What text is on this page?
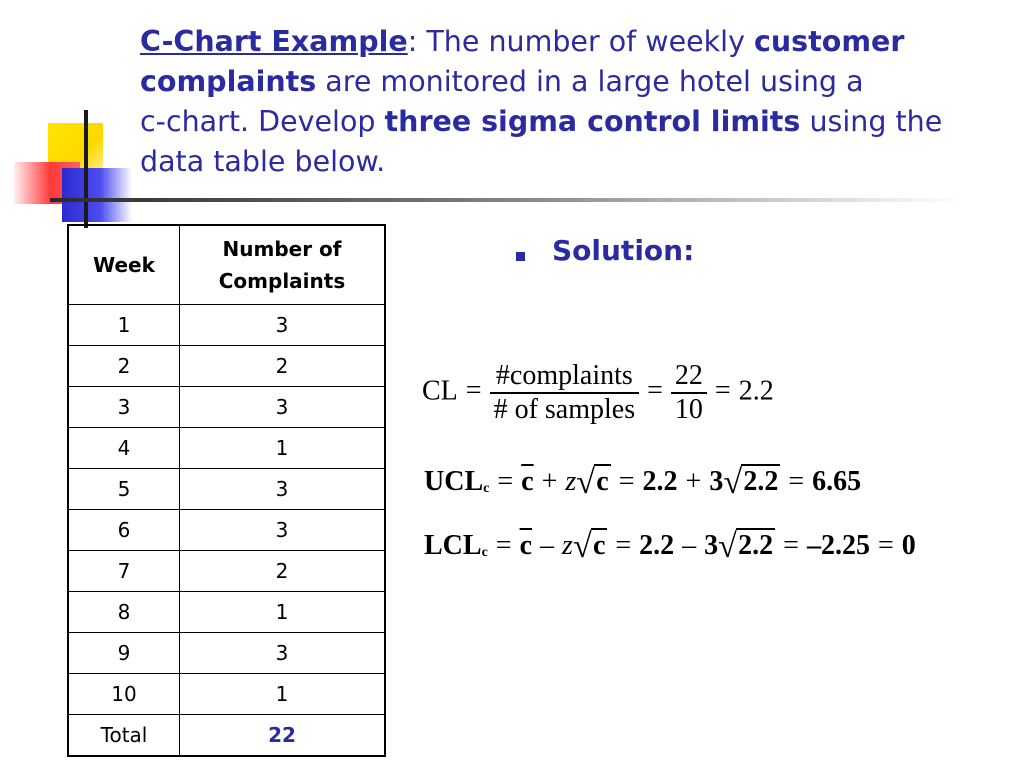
C-Chart Example: The number of weekly customer
complaints are monitored in a large hotel using a
c-chart. Develop three sigma control limits using the
data table below.
Week	Number of Complaints
1	3
2	2
3	3
4	1
5	3
6	3
7	2
8	1
9	3
10	1
Total	22
Solution:
CL = $\frac{\text{\#complaints}}{\text{\# of samples}} = \frac{22}{10} = 2.2$
UCLc = $\overline{c} + z$ √ c = 2.2 + 3 √ 2.2 = 6.65
LCLc = $\overline{c}$ – z √ c = 2.2 – 3 √ 2.2 = –2.25 = 0
